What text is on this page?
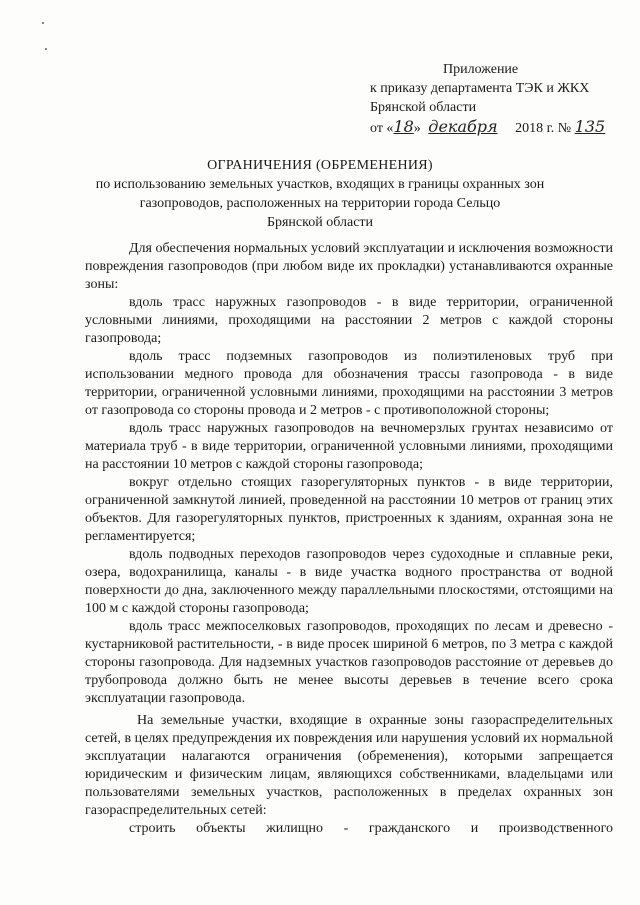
Приложение
к приказу департамента ТЭК и ЖКХ
Брянской области
от «18» декабря 2018 г. № 135
ОГРАНИЧЕНИЯ (ОБРЕМЕНЕНИЯ)
по использованию земельных участков, входящих в границы охранных зон
газопроводов, расположенных на территории города Сельцо
Брянской области

Для обеспечения нормальных условий эксплуатации и исключения возможности повреждения газопроводов (при любом виде их прокладки) устанавливаются охранные зоны:

вдоль трасс наружных газопроводов - в виде территории, ограниченной условными линиями, проходящими на расстоянии 2 метров с каждой стороны газопровода;

вдоль трасс подземных газопроводов из полиэтиленовых труб при использовании медного провода для обозначения трассы газопровода - в виде территории, ограниченной условными линиями, проходящими на расстоянии 3 метров от газопровода со стороны провода и 2 метров - с противоположной стороны;

вдоль трасс наружных газопроводов на вечномерзлых грунтах независимо от материала труб - в виде территории, ограниченной условными линиями, проходящими на расстоянии 10 метров с каждой стороны газопровода;

вокруг отдельно стоящих газорегуляторных пунктов - в виде территории, ограниченной замкнутой линией, проведенной на расстоянии 10 метров от границ этих объектов. Для газорегуляторных пунктов, пристроенных к зданиям, охранная зона не регламентируется;

вдоль подводных переходов газопроводов через судоходные и сплавные реки, озера, водохранилища, каналы - в виде участка водного пространства от водной поверхности до дна, заключенного между параллельными плоскостями, отстоящими на 100 м с каждой стороны газопровода;

вдоль трасс межпоселковых газопроводов, проходящих по лесам и древесно - кустарниковой растительности, - в виде просек шириной 6 метров, по 3 метра с каждой стороны газопровода. Для надземных участков газопроводов расстояние от деревьев до трубопровода должно быть не менее высоты деревьев в течение всего срока эксплуатации газопровода.

На земельные участки, входящие в охранные зоны газораспределительных сетей, в целях предупреждения их повреждения или нарушения условий их нормальной эксплуатации налагаются ограничения (обременения), которыми запрещается юридическим и физическим лицам, являющихся собственниками, владельцами или пользователями земельных участков, расположенных в пределах охранных зон газораспределительных сетей:

строить объекты жилищно - гражданского и производственного
